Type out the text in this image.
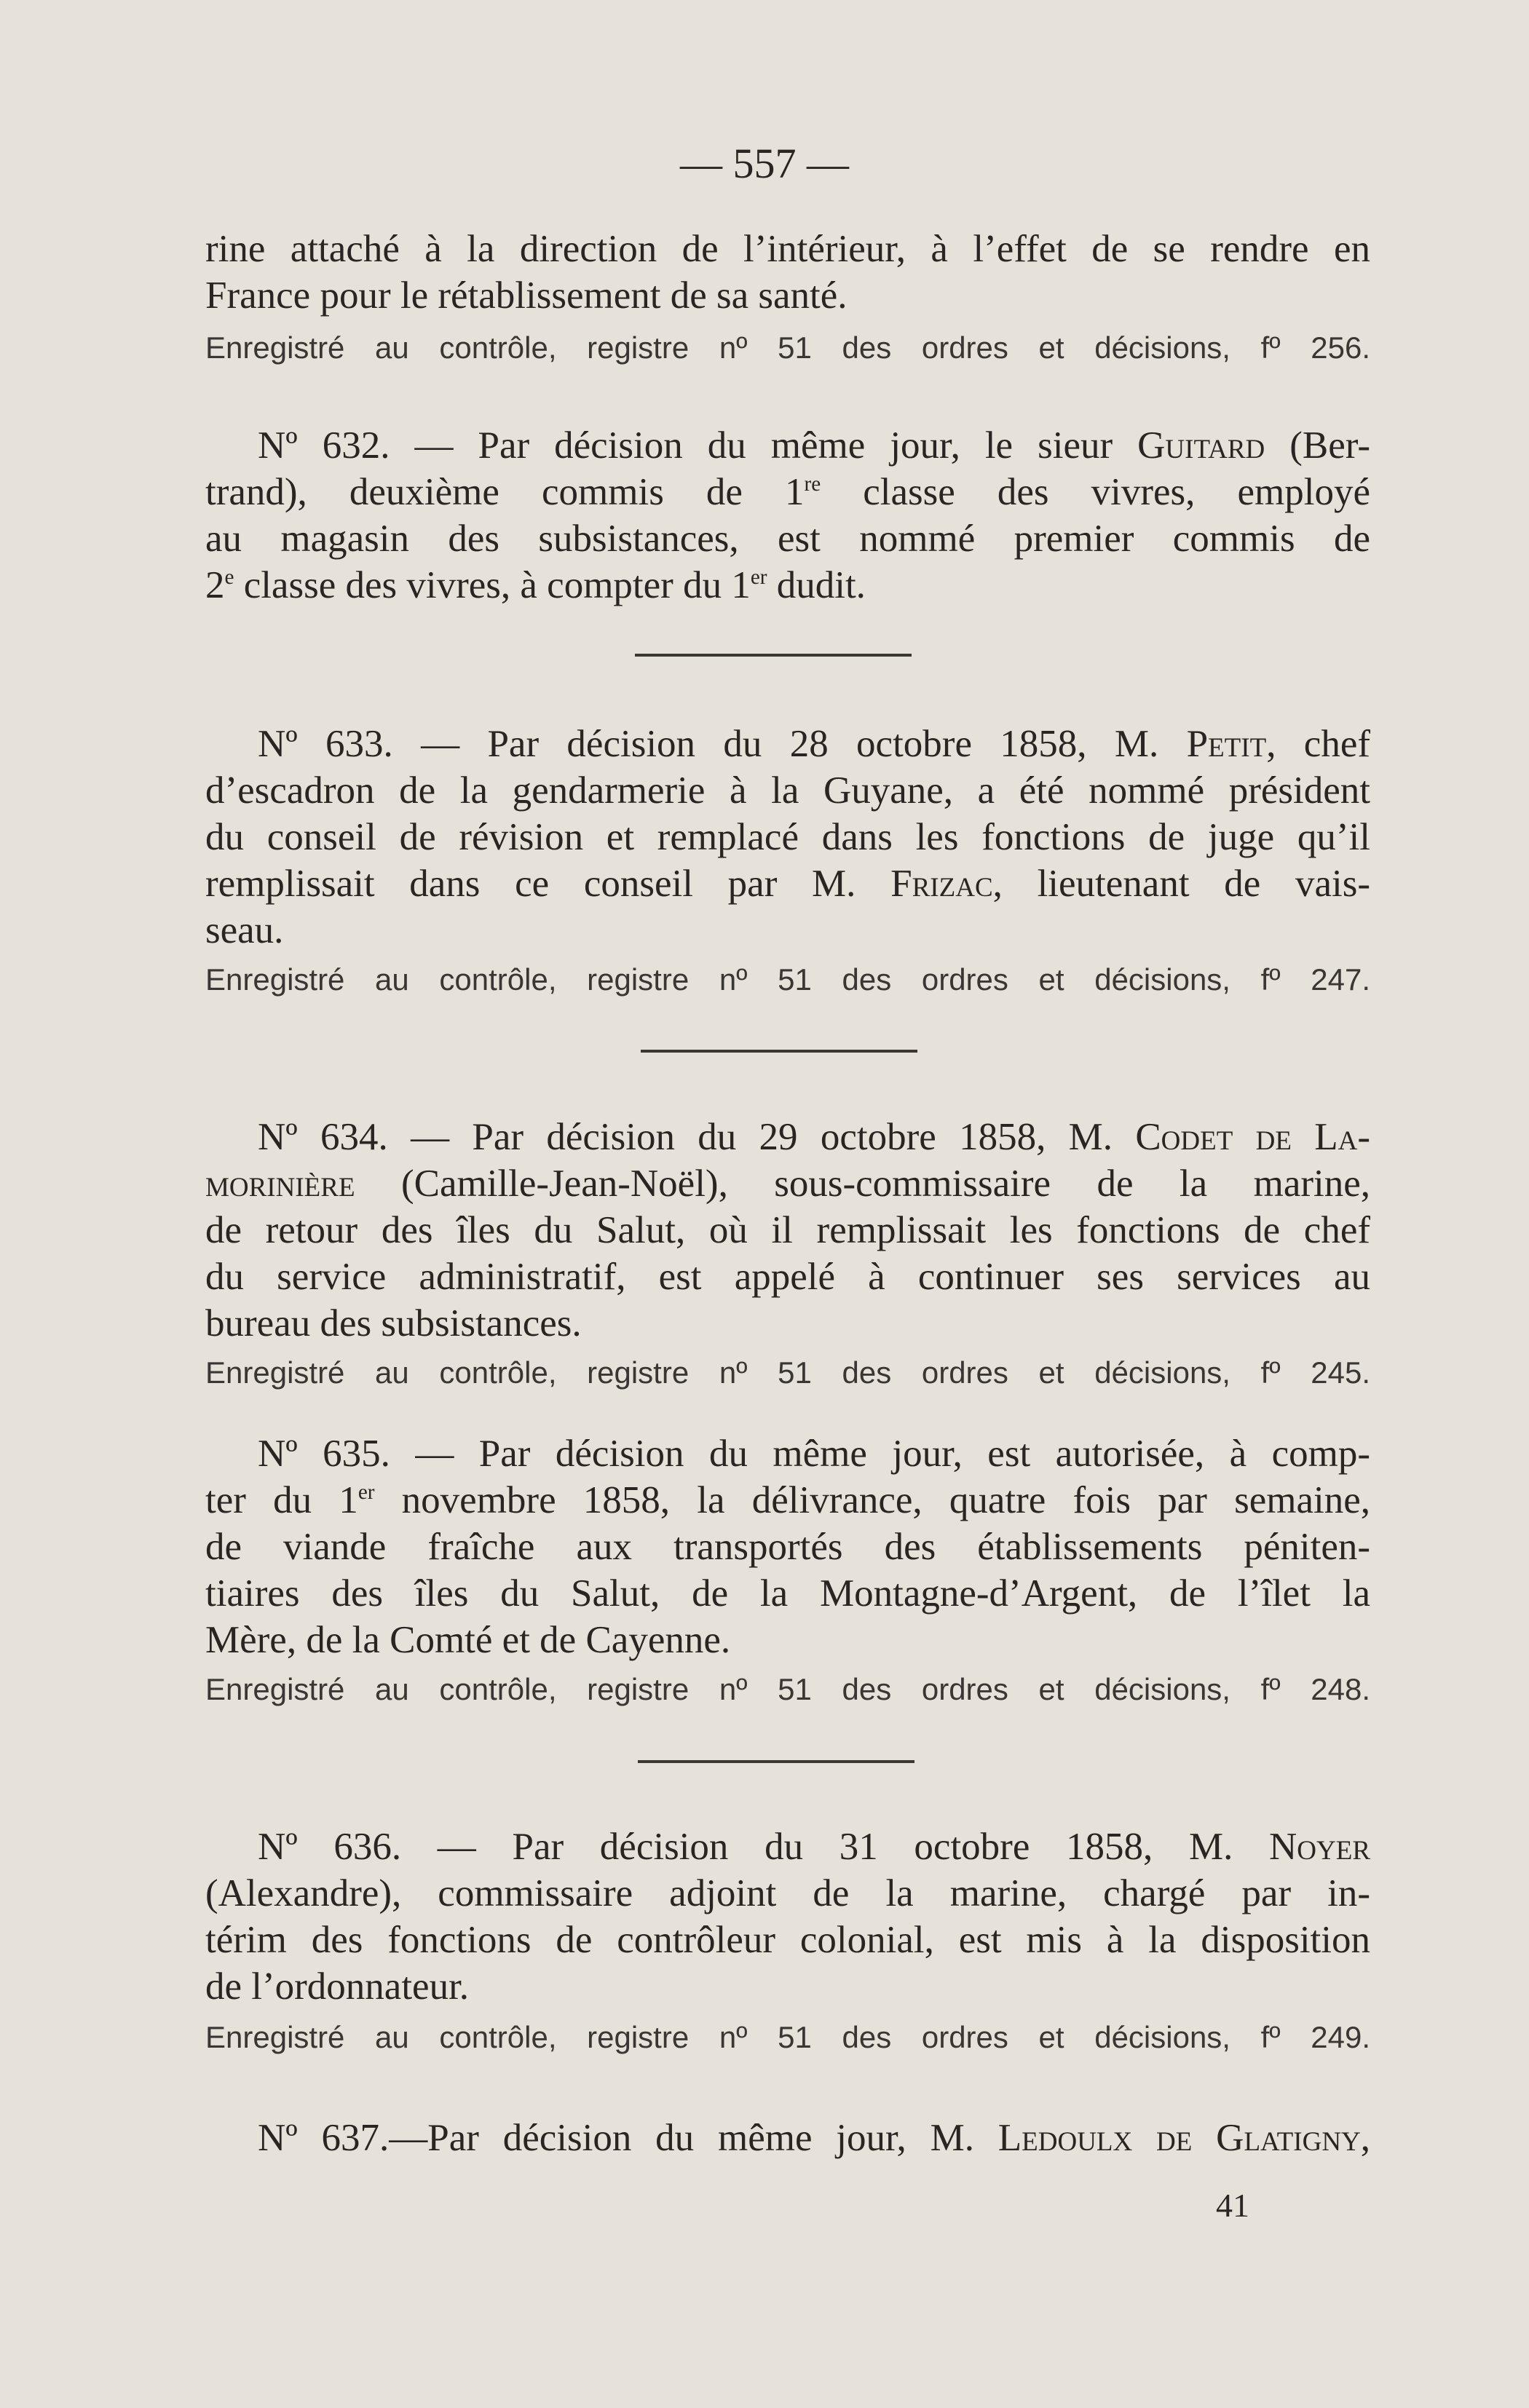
— 557 —
rine attaché à la direction de l’intérieur, à l’effet de se rendre en
France pour le rétablissement de sa santé.
Enregistré au contrôle, registre nº 51 des ordres et décisions, fº 256.
Nº 632. — Par décision du même jour, le sieur Guitard (Ber-
trand), deuxième commis de 1re classe des vivres, employé
au magasin des subsistances, est nommé premier commis de
2e classe des vivres, à compter du 1er dudit.
Nº 633. — Par décision du 28 octobre 1858, M. Petit, chef
d’escadron de la gendarmerie à la Guyane, a été nommé président
du conseil de révision et remplacé dans les fonctions de juge qu’il
remplissait dans ce conseil par M. Frizac, lieutenant de vais-
seau.
Enregistré au contrôle, registre nº 51 des ordres et décisions, fº 247.
Nº 634. — Par décision du 29 octobre 1858, M. Codet de La-
morinière (Camille-Jean-Noël), sous-commissaire de la marine,
de retour des îles du Salut, où il remplissait les fonctions de chef
du service administratif, est appelé à continuer ses services au
bureau des subsistances.
Enregistré au contrôle, registre nº 51 des ordres et décisions, fº 245.
Nº 635. — Par décision du même jour, est autorisée, à comp-
ter du 1er novembre 1858, la délivrance, quatre fois par semaine,
de viande fraîche aux transportés des établissements péniten-
tiaires des îles du Salut, de la Montagne-d’Argent, de l’îlet la
Mère, de la Comté et de Cayenne.
Enregistré au contrôle, registre nº 51 des ordres et décisions, fº 248.
Nº 636. — Par décision du 31 octobre 1858, M. Noyer
(Alexandre), commissaire adjoint de la marine, chargé par in-
térim des fonctions de contrôleur colonial, est mis à la disposition
de l’ordonnateur.
Enregistré au contrôle, registre nº 51 des ordres et décisions, fº 249.
Nº 637.—Par décision du même jour, M. Ledoulx de Glatigny,
41
